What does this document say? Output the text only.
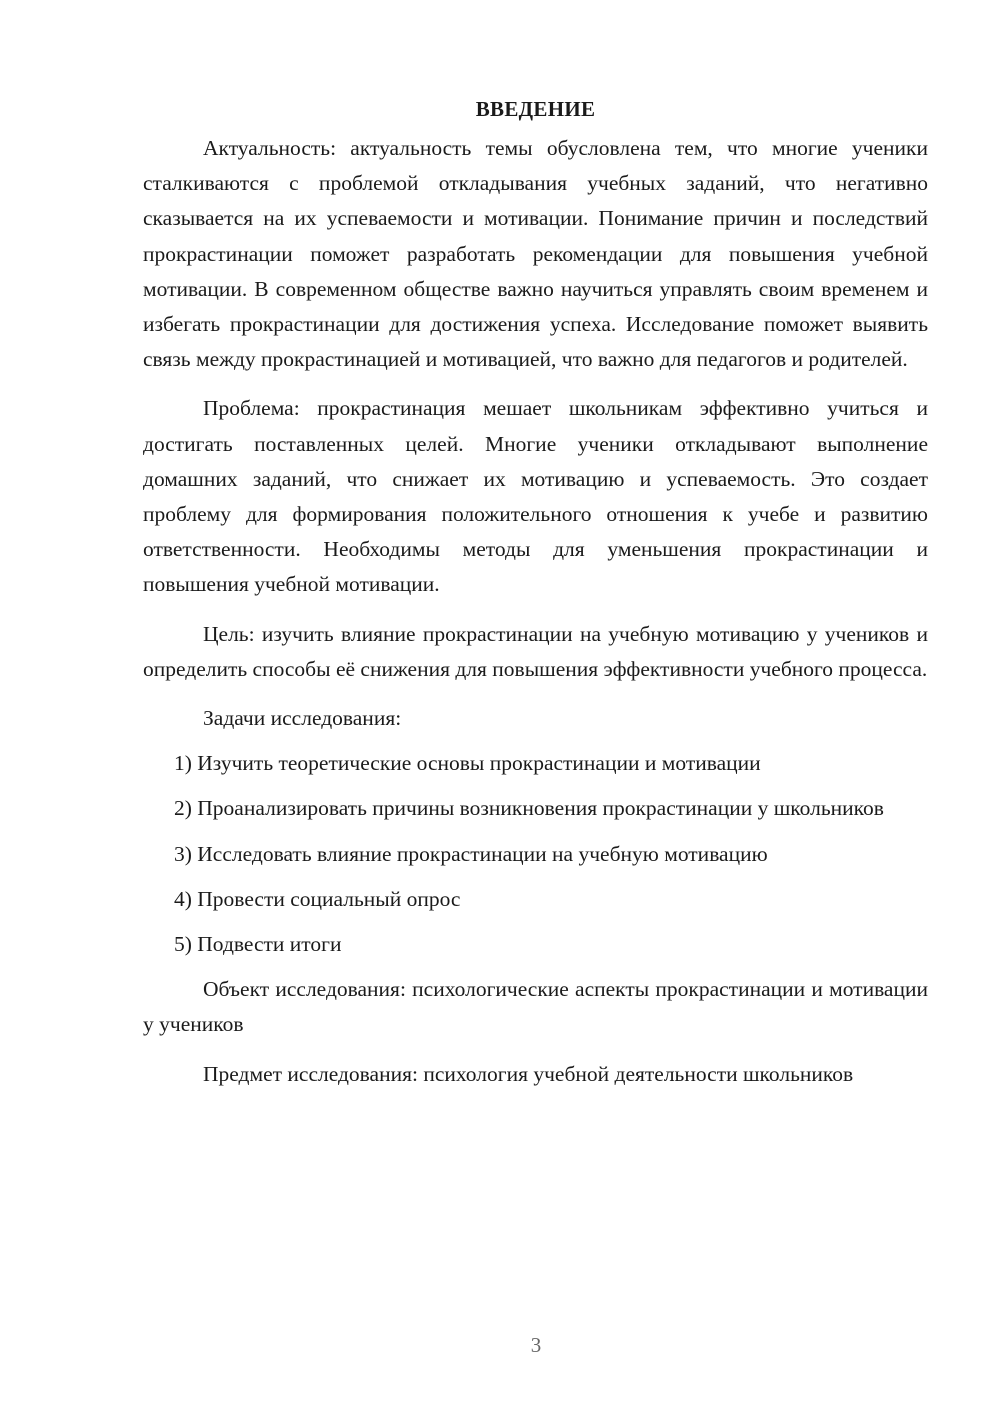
ВВЕДЕНИЕ

Актуальность: актуальность темы обусловлена тем, что многие ученики сталкиваются с проблемой откладывания учебных заданий, что негативно сказывается на их успеваемости и мотивации. Понимание причин и последствий прокрастинации поможет разработать рекомендации для повышения учебной мотивации. В современном обществе важно научиться управлять своим временем и избегать прокрастинации для достижения успеха. Исследование поможет выявить связь между прокрастинацией и мотивацией, что важно для педагогов и родителей.

Проблема: прокрастинация мешает школьникам эффективно учиться и достигать поставленных целей. Многие ученики откладывают выполнение домашних заданий, что снижает их мотивацию и успеваемость. Это создает проблему для формирования положительного отношения к учебе и развитию ответственности. Необходимы методы для уменьшения прокрастинации и повышения учебной мотивации.

Цель: изучить влияние прокрастинации на учебную мотивацию у учеников и определить способы её снижения для повышения эффективности учебного процесса.

Задачи исследования:

1) Изучить теоретические основы прокрастинации и мотивации

2) Проанализировать причины возникновения прокрастинации у школьников

3) Исследовать влияние прокрастинации на учебную мотивацию

4) Провести социальный опрос

5) Подвести итоги

Объект исследования: психологические аспекты прокрастинации и мотивации у учеников

Предмет исследования: психология учебной деятельности школьников

3
